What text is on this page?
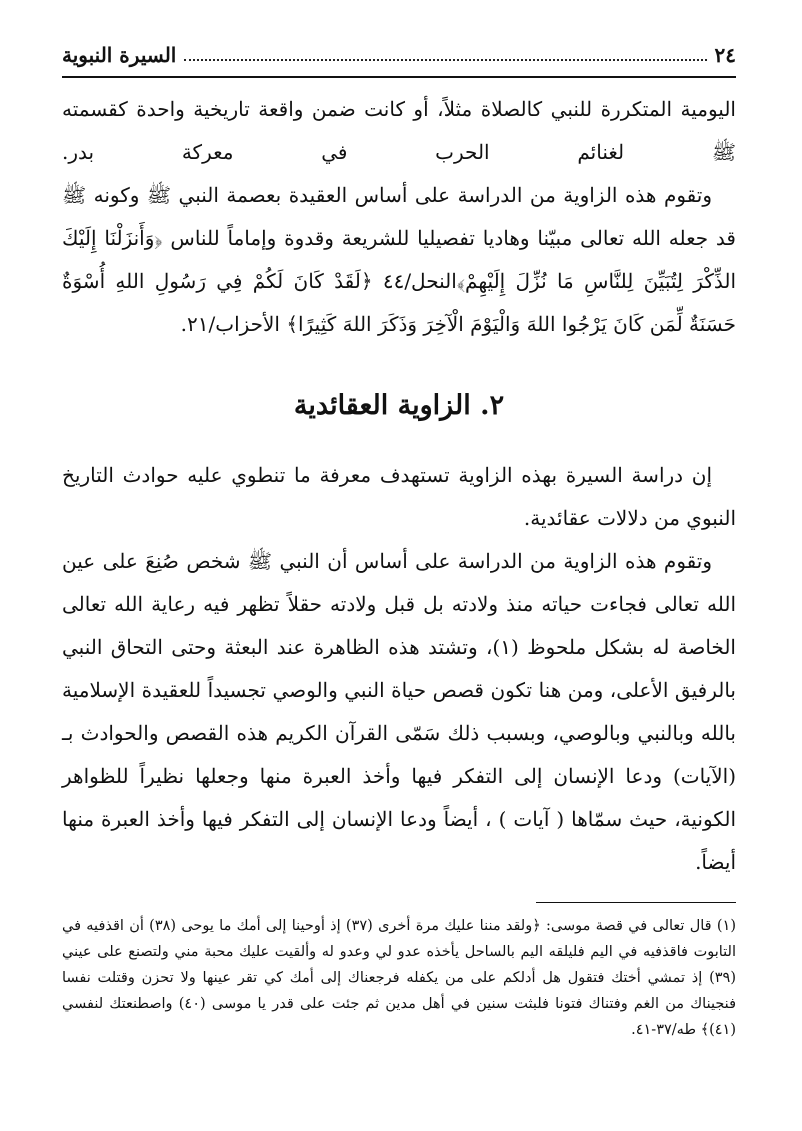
٢٤
السيرة النبوية

اليومية المتكررة للنبي كالصلاة مثلاً، أو كانت ضمن واقعة تاريخية واحدة كقسمته ﷺ لغنائم الحرب في معركة بدر.

وتقوم هذه الزاوية من الدراسة على أساس العقيدة بعصمة النبي ﷺ وكونه ﷺ قد جعله الله تعالى مبيّنا وهاديا تفصيليا للشريعة وقدوة وإماماً للناس ﴿وَأَنزَلْنَا إِلَيْكَ الذِّكْرَ لِتُبَيِّنَ لِلنَّاسِ مَا نُزِّلَ إِلَيْهِمْ﴾النحل/٤٤ ﴿لَقَدْ كَانَ لَكُمْ فِي رَسُولِ اللهِ أُسْوَةٌ حَسَنَةٌ لِّمَن كَانَ يَرْجُوا اللهَ وَالْيَوْمَ الْآخِرَ وَذَكَرَ اللهَ كَثِيرًا﴾ الأحزاب/٢١.

٢. الزاوية العقائدية

إن دراسة السيرة بهذه الزاوية تستهدف معرفة ما تنطوي عليه حوادث التاريخ النبوي من دلالات عقائدية.

وتقوم هذه الزاوية من الدراسة على أساس أن النبي ﷺ شخص صُنِعَ على عين الله تعالى فجاءت حياته منذ ولادته بل قبل ولادته حقلاً تظهر فيه رعاية الله تعالى الخاصة له بشكل ملحوظ (١)، وتشتد هذه الظاهرة عند البعثة وحتى التحاق النبي بالرفيق الأعلى، ومن هنا تكون قصص حياة النبي والوصي تجسيداً للعقيدة الإسلامية بالله وبالنبي وبالوصي، وبسبب ذلك سَمّى القرآن الكريم هذه القصص والحوادث بـ (الآيات) ودعا الإنسان إلى التفكر فيها وأخذ العبرة منها وجعلها نظيراً للظواهر الكونية، حيث سمّاها ( آيات ) ، أيضاً ودعا الإنسان إلى التفكر فيها وأخذ العبرة منها أيضاً.

(١) قال تعالى في قصة موسى: ﴿ولقد مننا عليك مرة أخرى (٣٧) إذ أوحينا إلى أمك ما يوحى (٣٨) أن اقذفيه في التابوت فاقذفيه في اليم فليلقه اليم بالساحل يأخذه عدو لي وعدو له وألقيت عليك محبة مني ولتصنع على عيني (٣٩) إذ تمشي أختك فتقول هل أدلكم على من يكفله فرجعناك إلى أمك كي تقر عينها ولا تحزن وقتلت نفسا فنجيناك من الغم وفتناك فتونا فلبثت سنين في أهل مدين ثم جئت على قدر يا موسى (٤٠) واصطنعتك لنفسي (٤١)﴾ طه/٣٧-٤١.
